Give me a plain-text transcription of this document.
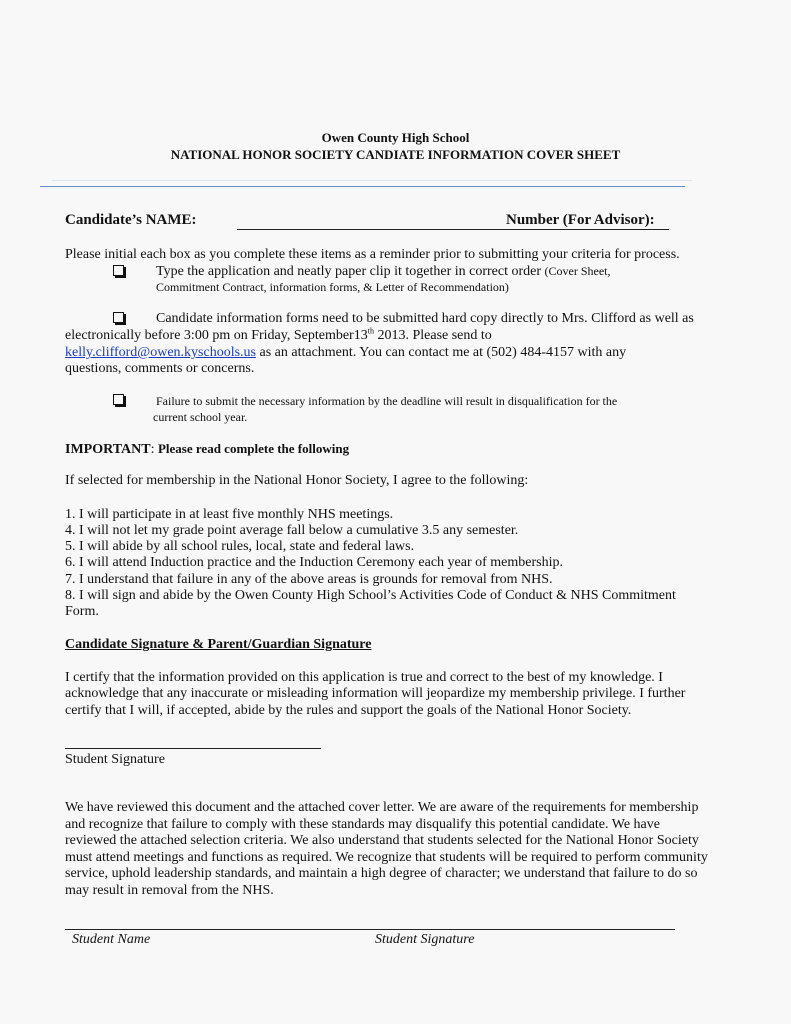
Owen County High School
NATIONAL HONOR SOCIETY CANDIATE INFORMATION COVER SHEET
Candidate’s NAME:	Number (For Advisor):
Please initial each box as you complete these items as a reminder prior to submitting your criteria for process.
Type the application and neatly paper clip it together in correct order (Cover Sheet,
Commitment Contract, information forms, & Letter of Recommendation)
Candidate information forms need to be submitted hard copy directly to Mrs. Clifford as well as
electronically before 3:00 pm on Friday, September13th 2013. Please send to
kelly.clifford@owen.kyschools.us as an attachment. You can contact me at (502) 484-4157 with any
questions, comments or concerns.
Failure to submit the necessary information by the deadline will result in disqualification for the
current school year.
IMPORTANT: Please read complete the following
If selected for membership in the National Honor Society, I agree to the following:
1. I will participate in at least five monthly NHS meetings.
4. I will not let my grade point average fall below a cumulative 3.5 any semester.
5. I will abide by all school rules, local, state and federal laws.
6. I will attend Induction practice and the Induction Ceremony each year of membership.
7. I understand that failure in any of the above areas is grounds for removal from NHS.
8. I will sign and abide by the Owen County High School’s Activities Code of Conduct & NHS Commitment
Form.
Candidate Signature & Parent/Guardian Signature
I certify that the information provided on this application is true and correct to the best of my knowledge. I
acknowledge that any inaccurate or misleading information will jeopardize my membership privilege. I further
certify that I will, if accepted, abide by the rules and support the goals of the National Honor Society.
Student Signature
We have reviewed this document and the attached cover letter. We are aware of the requirements for membership
and recognize that failure to comply with these standards may disqualify this potential candidate. We have
reviewed the attached selection criteria. We also understand that students selected for the National Honor Society
must attend meetings and functions as required. We recognize that students will be required to perform community
service, uphold leadership standards, and maintain a high degree of character; we understand that failure to do so
may result in removal from the NHS.
Student Name	Student Signature
